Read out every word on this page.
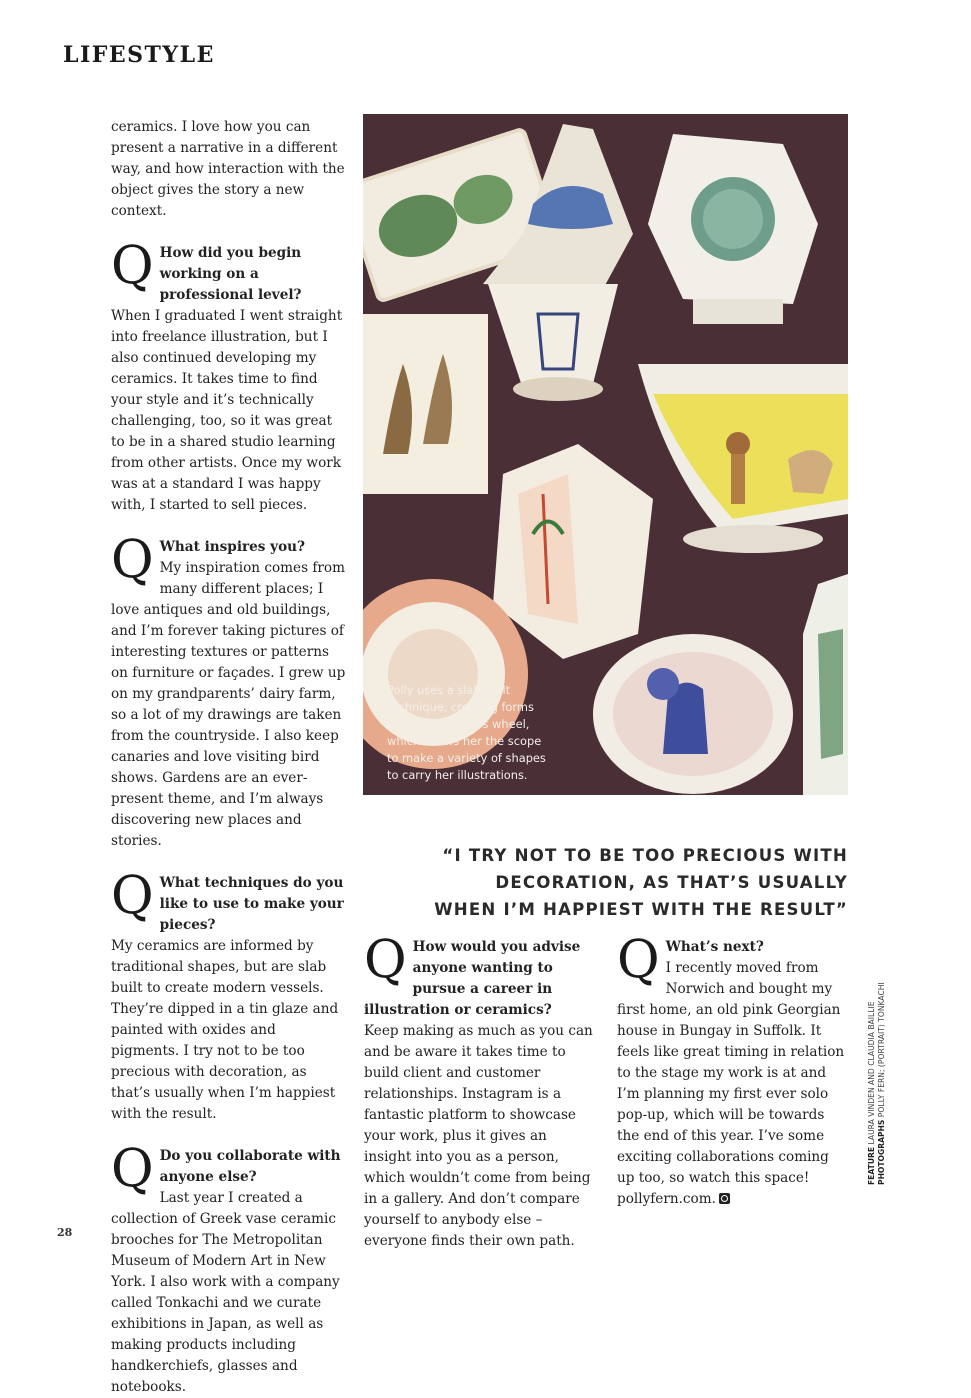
LIFESTYLE

ceramics. I love how you can present a narrative in a different way, and how interaction with the object gives the story a new context.

Q How did you begin working on a professional level?

When I graduated I went straight into freelance illustration, but I also continued developing my ceramics. It takes time to find your style and it’s technically challenging, too, so it was great to be in a shared studio learning from other artists. Once my work was at a standard I was happy with, I started to sell pieces.

Q What inspires you?

My inspiration comes from many different places; I love antiques and old buildings, and I’m forever taking pictures of interesting textures or patterns on furniture or façades. I grew up on my grandparents’ dairy farm, so a lot of my drawings are taken from the countryside. I also keep canaries and love visiting bird shows. Gardens are an ever-present theme, and I’m always discovering new places and stories.

Q What techniques do you like to use to make your pieces?

My ceramics are informed by traditional shapes, but are slab built to create modern vessels. They’re dipped in a tin glaze and painted with oxides and pigments. I try not to be too precious with decoration, as that’s usually when I’m happiest with the result.

Q Do you collaborate with anyone else?

Last year I created a collection of Greek vase ceramic brooches for The Metropolitan Museum of Modern Art in New York. I also work with a company called Tonkachi and we curate exhibitions in Japan, as well as making products including handkerchiefs, glasses and notebooks.

Polly uses a slab-built technique, creating forms without a potter’s wheel, which allows her the scope to make a variety of shapes to carry her illustrations.

“I TRY NOT TO BE TOO PRECIOUS WITH DECORATION, AS THAT’S USUALLY WHEN I’M HAPPIEST WITH THE RESULT”

Q How would you advise anyone wanting to pursue a career in illustration or ceramics?

Keep making as much as you can and be aware it takes time to build client and customer relationships. Instagram is a fantastic platform to showcase your work, plus it gives an insight into you as a person, which wouldn’t come from being in a gallery. And don’t compare yourself to anybody else – everyone finds their own path.

Q What’s next?

I recently moved from Norwich and bought my first home, an old pink Georgian house in Bungay in Suffolk. It feels like great timing in relation to the stage my work is at and I’m planning my first ever solo pop-up, which will be towards the end of this year. I’ve some exciting collaborations coming up too, so watch this space! pollyfern.com.

FEATURE LAURA VINDEN AND CLAUDIA BAILLIE
PHOTOGRAPHS POLLY FERN; (PORTRAIT) TONKACHI
28
